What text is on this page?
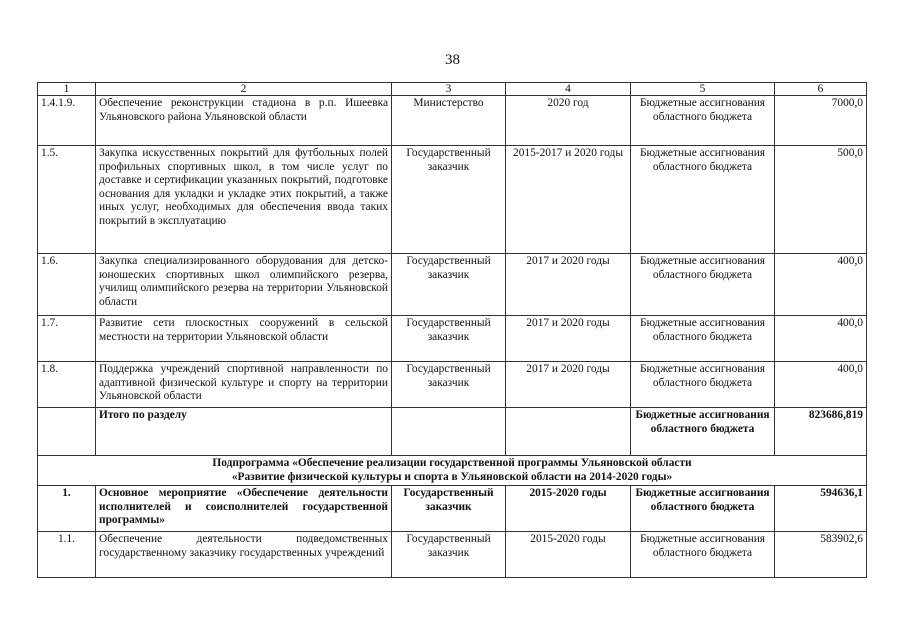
38
1	2	3	4	5	6
1.4.1.9.	Обеспечение реконструкции стадиона в р.п. Ишеевка Ульяновского района Ульяновской области	Министерство	2020 год	Бюджетные ассигнования областного бюджета	7000,0
1.5.	Закупка искусственных покрытий для футбольных полей профильных спортивных школ, в том числе услуг по доставке и сертификации указанных покрытий, подготовке основания для укладки и укладке этих покрытий, а также иных услуг, необходимых для обеспечения ввода таких покрытий в эксплуатацию	Государственный заказчик	2015-2017 и 2020 годы	Бюджетные ассигнования областного бюджета	500,0
1.6.	Закупка специализированного оборудования для детско-юношеских спортивных школ олимпийского резерва, училищ олимпийского резерва на территории Ульяновской области	Государственный заказчик	2017 и 2020 годы	Бюджетные ассигнования областного бюджета	400,0
1.7.	Развитие сети плоскостных сооружений в сельской местности на территории Ульяновской области	Государственный заказчик	2017 и 2020 годы	Бюджетные ассигнования областного бюджета	400,0
1.8.	Поддержка учреждений спортивной направленности по адаптивной физической культуре и спорту на территории Ульяновской области	Государственный заказчик	2017 и 2020 годы	Бюджетные ассигнования областного бюджета	400,0
	Итого по разделу			Бюджетные ассигнования областного бюджета	823686,819

Подпрограмма «Обеспечение реализации государственной программы Ульяновской области
«Развитие физической культуры и спорта в Ульяновской области на 2014-2020 годы»					

1.	Основное мероприятие «Обеспечение деятельности исполнителей и соисполнителей государственной программы»	Государственный заказчик	2015-2020 годы	Бюджетные ассигнования областного бюджета	594636,1
1.1.	Обеспечение деятельности подведомственных государственному заказчику государственных учреждений	Государственный заказчик	2015-2020 годы	Бюджетные ассигнования областного бюджета	583902,6
